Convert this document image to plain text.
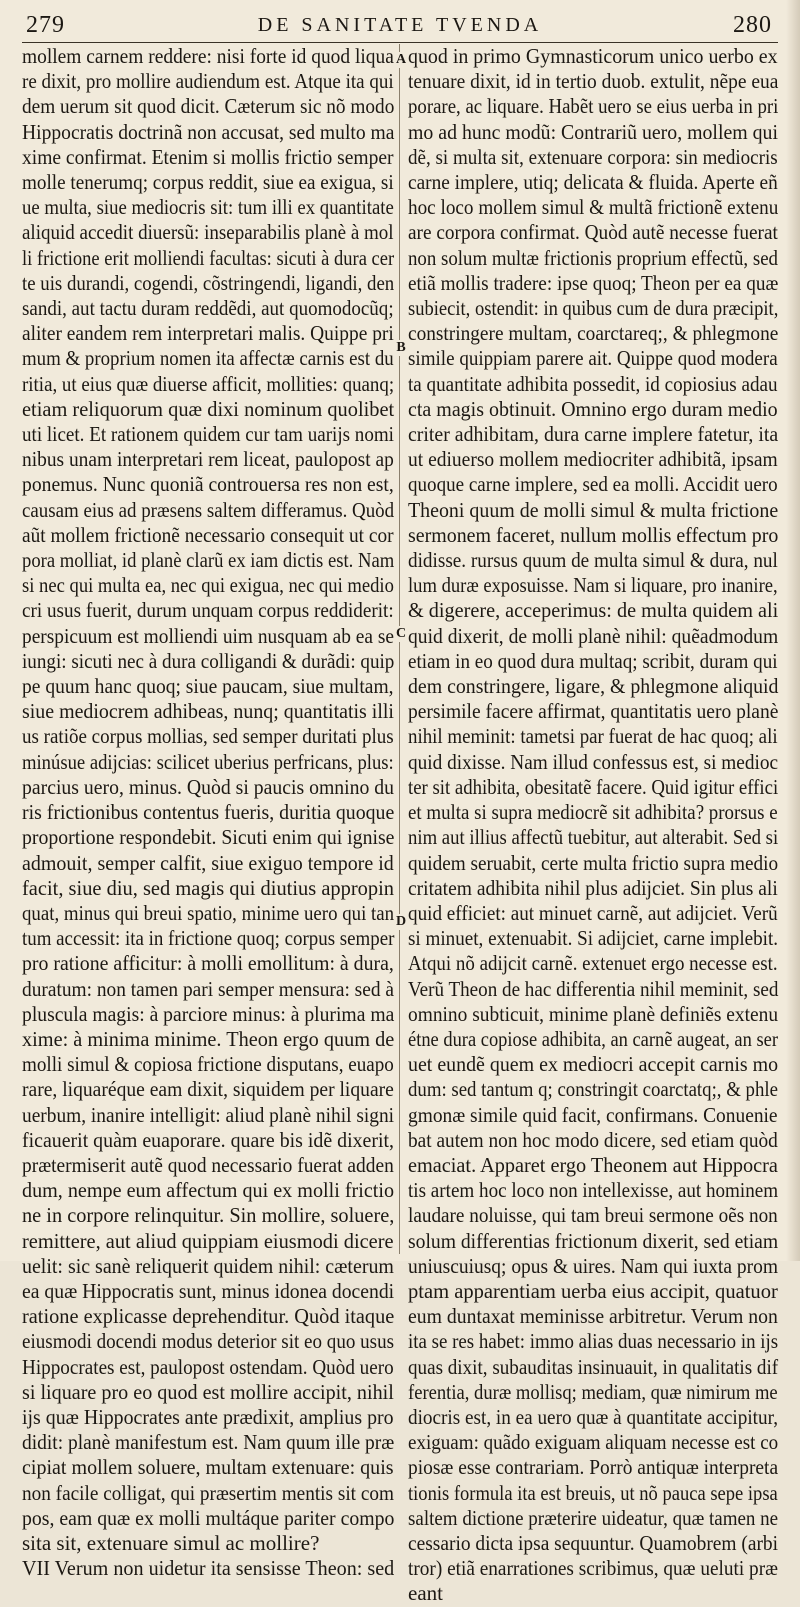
279	DE SANITATE TVENDA	280

mollem carnem reddere: nisi forte id quod liqua

re dixit, pro mollire audiendum est. Atque ita qui

dem uerum sit quod dicit. Cæterum sic nõ modo

Hippocratis doctrinã non accusat, sed multo ma

xime confirmat. Etenim si mollis frictio semper

molle tenerumq; corpus reddit, siue ea exigua, si

ue multa, siue mediocris sit: tum illi ex quantitate

aliquid accedit diuersũ: inseparabilis planè à mol

li frictione erit molliendi facultas: sicuti à dura cer

te uis durandi, cogendi, cõstringendi, ligandi, den

sandi, aut tactu duram reddẽdi, aut quomodocũq;

aliter eandem rem interpretari malis. Quippe pri

mum & proprium nomen ita affectæ carnis est du

ritia, ut eius quæ diuerse afficit, mollities: quanq;

etiam reliquorum quæ dixi nominum quolibet

uti licet. Et rationem quidem cur tam uarijs nomi

nibus unam interpretari rem liceat, paulopost ap

ponemus. Nunc quoniã controuersa res non est,

causam eius ad præsens saltem differamus. Quòd

aũt mollem frictionẽ necessario consequit ut cor

pora molliat, id planè clarũ ex iam dictis est. Nam

si nec qui multa ea, nec qui exigua, nec qui medio

cri usus fuerit, durum unquam corpus reddiderit:

perspicuum est molliendi uim nusquam ab ea se

iungi: sicuti nec à dura colligandi & durãdi: quip

pe quum hanc quoq; siue paucam, siue multam,

siue mediocrem adhibeas, nunq; quantitatis illi

us ratiõe corpus mollias, sed semper duritati plus

minúsue adijcias: scilicet uberius perfricans, plus:

parcius uero, minus. Quòd si paucis omnino du

ris frictionibus contentus fueris, duritia quoque

proportione respondebit. Sicuti enim qui ignise

admouit, semper calfit, siue exiguo tempore id

facit, siue diu, sed magis qui diutius appropin

quat, minus qui breui spatio, minime uero qui tan

tum accessit: ita in frictione quoq; corpus semper

pro ratione afficitur: à molli emollitum: à dura,

duratum: non tamen pari semper mensura: sed à

pluscula magis: à parciore minus: à plurima ma

xime: à minima minime. Theon ergo quum de

molli simul & copiosa frictione disputans, euapo

rare, liquaréque eam dixit, siquidem per liquare

uerbum, inanire intelligit: aliud planè nihil signi

ficauerit quàm euaporare. quare bis idẽ dixerit,

prætermiserit autẽ quod necessario fuerat adden

dum, nempe eum affectum qui ex molli frictio

ne in corpore relinquitur. Sin mollire, soluere,

remittere, aut aliud quippiam eiusmodi dicere

uelit: sic sanè reliquerit quidem nihil: cæterum

ea quæ Hippocratis sunt, minus idonea docendi

ratione explicasse deprehenditur. Quòd itaque

eiusmodi docendi modus deterior sit eo quo usus

Hippocrates est, paulopost ostendam. Quòd uero

si liquare pro eo quod est mollire accipit, nihil

ijs quæ Hippocrates ante prædixit, amplius pro

didit: planè manifestum est. Nam quum ille præ

cipiat mollem soluere, multam extenuare: quis

non facile colligat, qui præsertim mentis sit com

pos, eam quæ ex molli multáque pariter compo

sita sit, extenuare simul ac mollire?

VII Verum non uidetur ita sensisse Theon: sed

A
B
C
D

quod in primo Gymnasticorum unico uerbo ex

tenuare dixit, id in tertio duob. extulit, nẽpe eua

porare, ac liquare. Habẽt uero se eius uerba in pri

mo ad hunc modũ: Contrariũ uero, mollem qui

dẽ, si multa sit, extenuare corpora: sin mediocris

carne implere, utiq; delicata & fluida. Aperte eñ

hoc loco mollem simul & multã frictionẽ extenu

are corpora confirmat. Quòd autẽ necesse fuerat

non solum multæ frictionis proprium effectũ, sed

etiã mollis tradere: ipse quoq; Theon per ea quæ

subiecit, ostendit: in quibus cum de dura præcipit,

constringere multam, coarctareq;, & phlegmone

simile quippiam parere ait. Quippe quod modera

ta quantitate adhibita possedit, id copiosius adau

cta magis obtinuit. Omnino ergo duram medio

criter adhibitam, dura carne implere fatetur, ita

ut ediuerso mollem mediocriter adhibitã, ipsam

quoque carne implere, sed ea molli. Accidit uero

Theoni quum de molli simul & multa frictione

sermonem faceret, nullum mollis effectum pro

didisse. rursus quum de multa simul & dura, nul

lum duræ exposuisse. Nam si liquare, pro inanire,

& digerere, acceperimus: de multa quidem ali

quid dixerit, de molli planè nihil: quẽadmodum

etiam in eo quod dura multaq; scribit, duram qui

dem constringere, ligare, & phlegmone aliquid

persimile facere affirmat, quantitatis uero planè

nihil meminit: tametsi par fuerat de hac quoq; ali

quid dixisse. Nam illud confessus est, si medioc

ter sit adhibita, obesitatẽ facere. Quid igitur effici

et multa si supra mediocrẽ sit adhibita? prorsus e

nim aut illius affectũ tuebitur, aut alterabit. Sed si

quidem seruabit, certe multa frictio supra medio

critatem adhibita nihil plus adijciet. Sin plus ali

quid efficiet: aut minuet carnẽ, aut adijciet. Verũ

si minuet, extenuabit. Si adijciet, carne implebit.

Atqui nõ adijcit carnẽ. extenuet ergo necesse est.

Verũ Theon de hac differentia nihil meminit, sed

omnino subticuit, minime planè definiẽs extenu

étne dura copiose adhibita, an carnẽ augeat, an ser

uet eundẽ quem ex mediocri accepit carnis mo

dum: sed tantum q; constringit coarctatq;, & phle

gmonæ simile quid facit, confirmans. Conuenie

bat autem non hoc modo dicere, sed etiam quòd

emaciat. Apparet ergo Theonem aut Hippocra

tis artem hoc loco non intellexisse, aut hominem

laudare noluisse, qui tam breui sermone oẽs non

solum differentias frictionum dixerit, sed etiam

uniuscuiusq; opus & uires. Nam qui iuxta prom

ptam apparentiam uerba eius accipit, quatuor

eum duntaxat meminisse arbitretur. Verum non

ita se res habet: immo alias duas necessario in ijs

quas dixit, subauditas insinuauit, in qualitatis dif

ferentia, duræ mollisq; mediam, quæ nimirum me

diocris est, in ea uero quæ à quantitate accipitur,

exiguam: quãdo exiguam aliquam necesse est co

piosæ esse contrariam. Porrò antiquæ interpreta

tionis formula ita est breuis, ut nõ pauca sepe ipsa

saltem dictione præterire uideatur, quæ tamen ne

cessario dicta ipsa sequuntur. Quamobrem (arbi

tror) etiã enarrationes scribimus, quæ ueluti præ

eant
